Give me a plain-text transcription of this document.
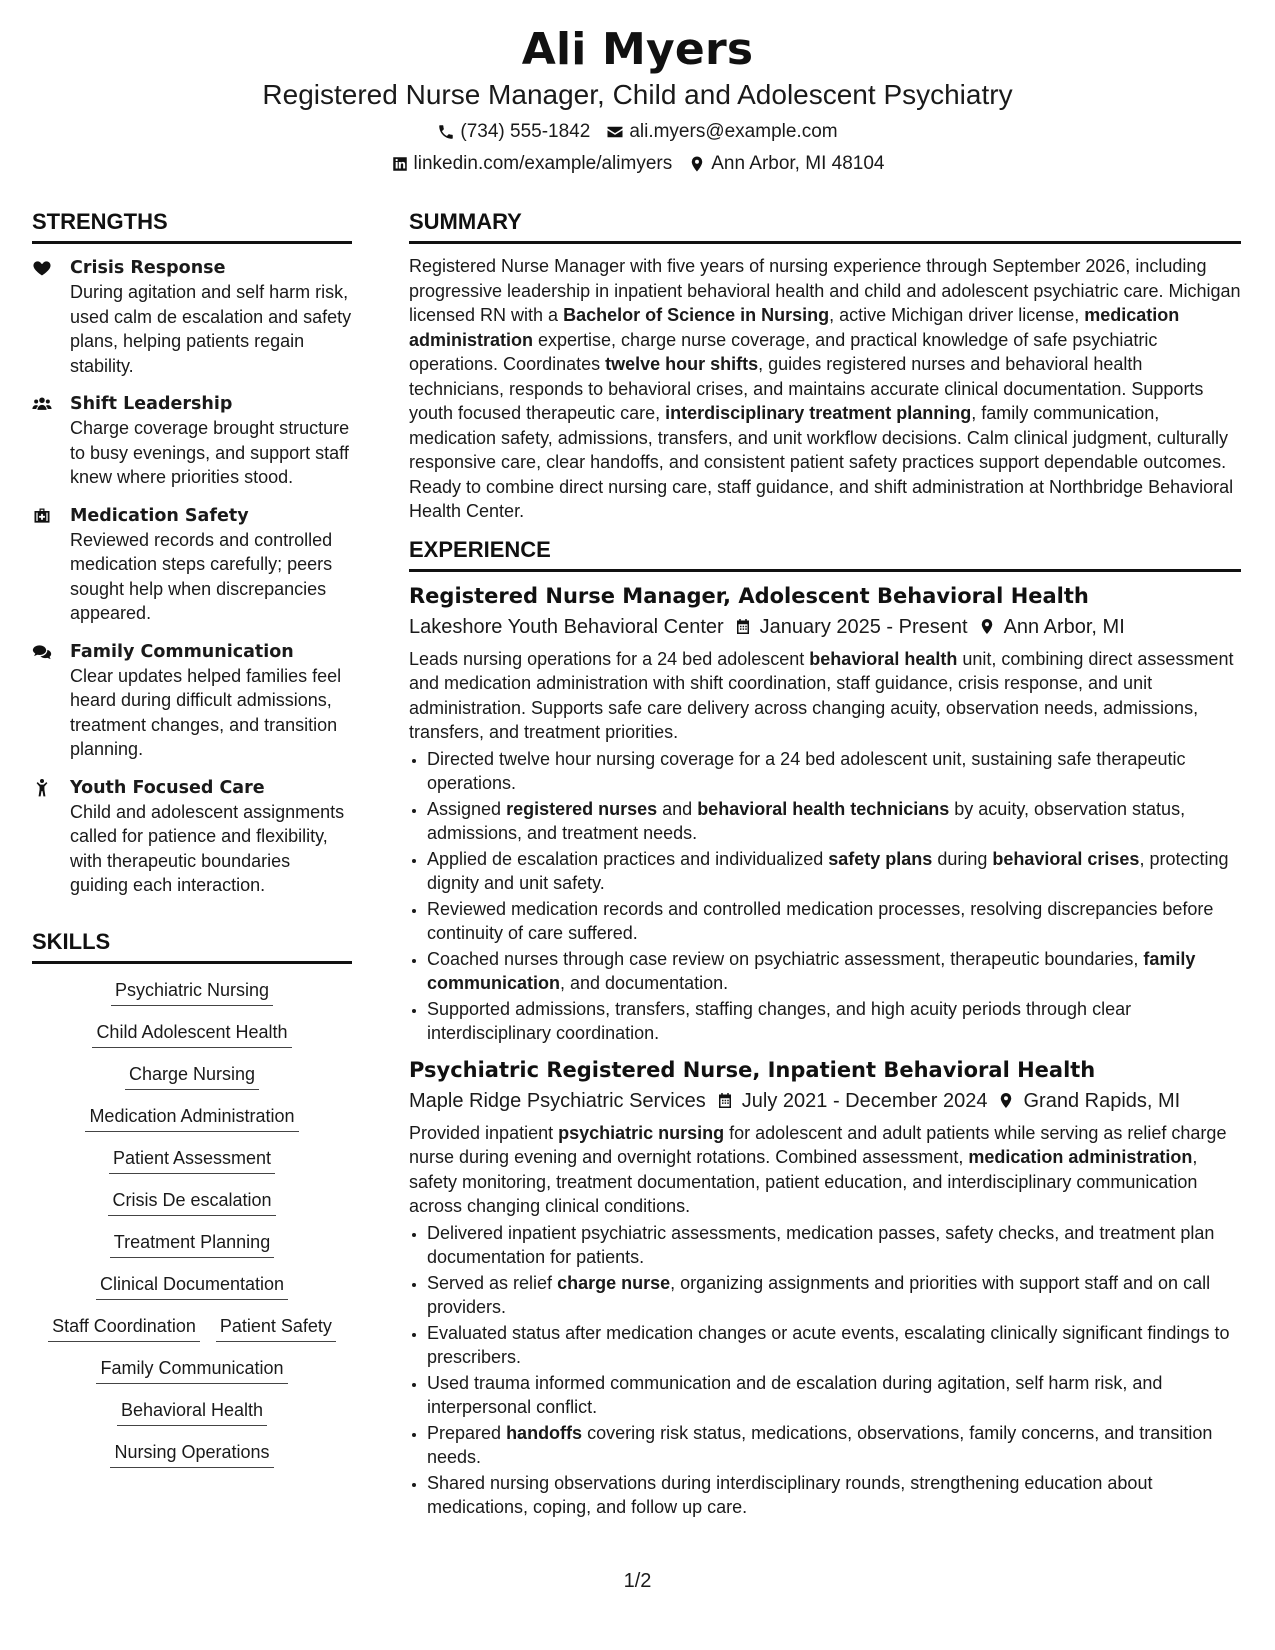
Ali Myers
Registered Nurse Manager, Child and Adolescent Psychiatry
(734) 555-1842 ali.myers@example.com
linkedin.com/example/alimyers Ann Arbor, MI 48104
STRENGTHS
Crisis Response
During agitation and self harm risk, used calm de escalation and safety plans, helping patients regain stability.
Shift Leadership
Charge coverage brought structure to busy evenings, and support staff knew where priorities stood.
Medication Safety
Reviewed records and controlled medication steps carefully; peers sought help when discrepancies appeared.
Family Communication
Clear updates helped families feel heard during difficult admissions, treatment changes, and transition planning.
Youth Focused Care
Child and adolescent assignments called for patience and flexibility, with therapeutic boundaries guiding each interaction.
SKILLS
Psychiatric Nursing
Child Adolescent Health
Charge Nursing
Medication Administration
Patient Assessment
Crisis De escalation
Treatment Planning
Clinical Documentation
Staff Coordination Patient Safety
Family Communication
Behavioral Health
Nursing Operations
SUMMARY
Registered Nurse Manager with five years of nursing experience through September 2026, including progressive leadership in inpatient behavioral health and child and adolescent psychiatric care. Michigan licensed RN with a Bachelor of Science in Nursing, active Michigan driver license, medication administration expertise, charge nurse coverage, and practical knowledge of safe psychiatric operations. Coordinates twelve hour shifts, guides registered nurses and behavioral health technicians, responds to behavioral crises, and maintains accurate clinical documentation. Supports youth focused therapeutic care, interdisciplinary treatment planning, family communication, medication safety, admissions, transfers, and unit workflow decisions. Calm clinical judgment, culturally responsive care, clear handoffs, and consistent patient safety practices support dependable outcomes. Ready to combine direct nursing care, staff guidance, and shift administration at Northbridge Behavioral Health Center.
EXPERIENCE
Registered Nurse Manager, Adolescent Behavioral Health
Lakeshore Youth Behavioral Center January 2025 - Present Ann Arbor, MI
Leads nursing operations for a 24 bed adolescent behavioral health unit, combining direct assessment and medication administration with shift coordination, staff guidance, crisis response, and unit administration. Supports safe care delivery across changing acuity, observation needs, admissions, transfers, and treatment priorities.
• Directed twelve hour nursing coverage for a 24 bed adolescent unit, sustaining safe therapeutic operations.
• Assigned registered nurses and behavioral health technicians by acuity, observation status, admissions, and treatment needs.
• Applied de escalation practices and individualized safety plans during behavioral crises, protecting dignity and unit safety.
• Reviewed medication records and controlled medication processes, resolving discrepancies before continuity of care suffered.
• Coached nurses through case review on psychiatric assessment, therapeutic boundaries, family communication, and documentation.
• Supported admissions, transfers, staffing changes, and high acuity periods through clear interdisciplinary coordination.
Psychiatric Registered Nurse, Inpatient Behavioral Health
Maple Ridge Psychiatric Services July 2021 - December 2024 Grand Rapids, MI
Provided inpatient psychiatric nursing for adolescent and adult patients while serving as relief charge nurse during evening and overnight rotations. Combined assessment, medication administration, safety monitoring, treatment documentation, patient education, and interdisciplinary communication across changing clinical conditions.
• Delivered inpatient psychiatric assessments, medication passes, safety checks, and treatment plan documentation for patients.
• Served as relief charge nurse, organizing assignments and priorities with support staff and on call providers.
• Evaluated status after medication changes or acute events, escalating clinically significant findings to prescribers.
• Used trauma informed communication and de escalation during agitation, self harm risk, and interpersonal conflict.
• Prepared handoffs covering risk status, medications, observations, family concerns, and transition needs.
• Shared nursing observations during interdisciplinary rounds, strengthening education about medications, coping, and follow up care.
1/2
